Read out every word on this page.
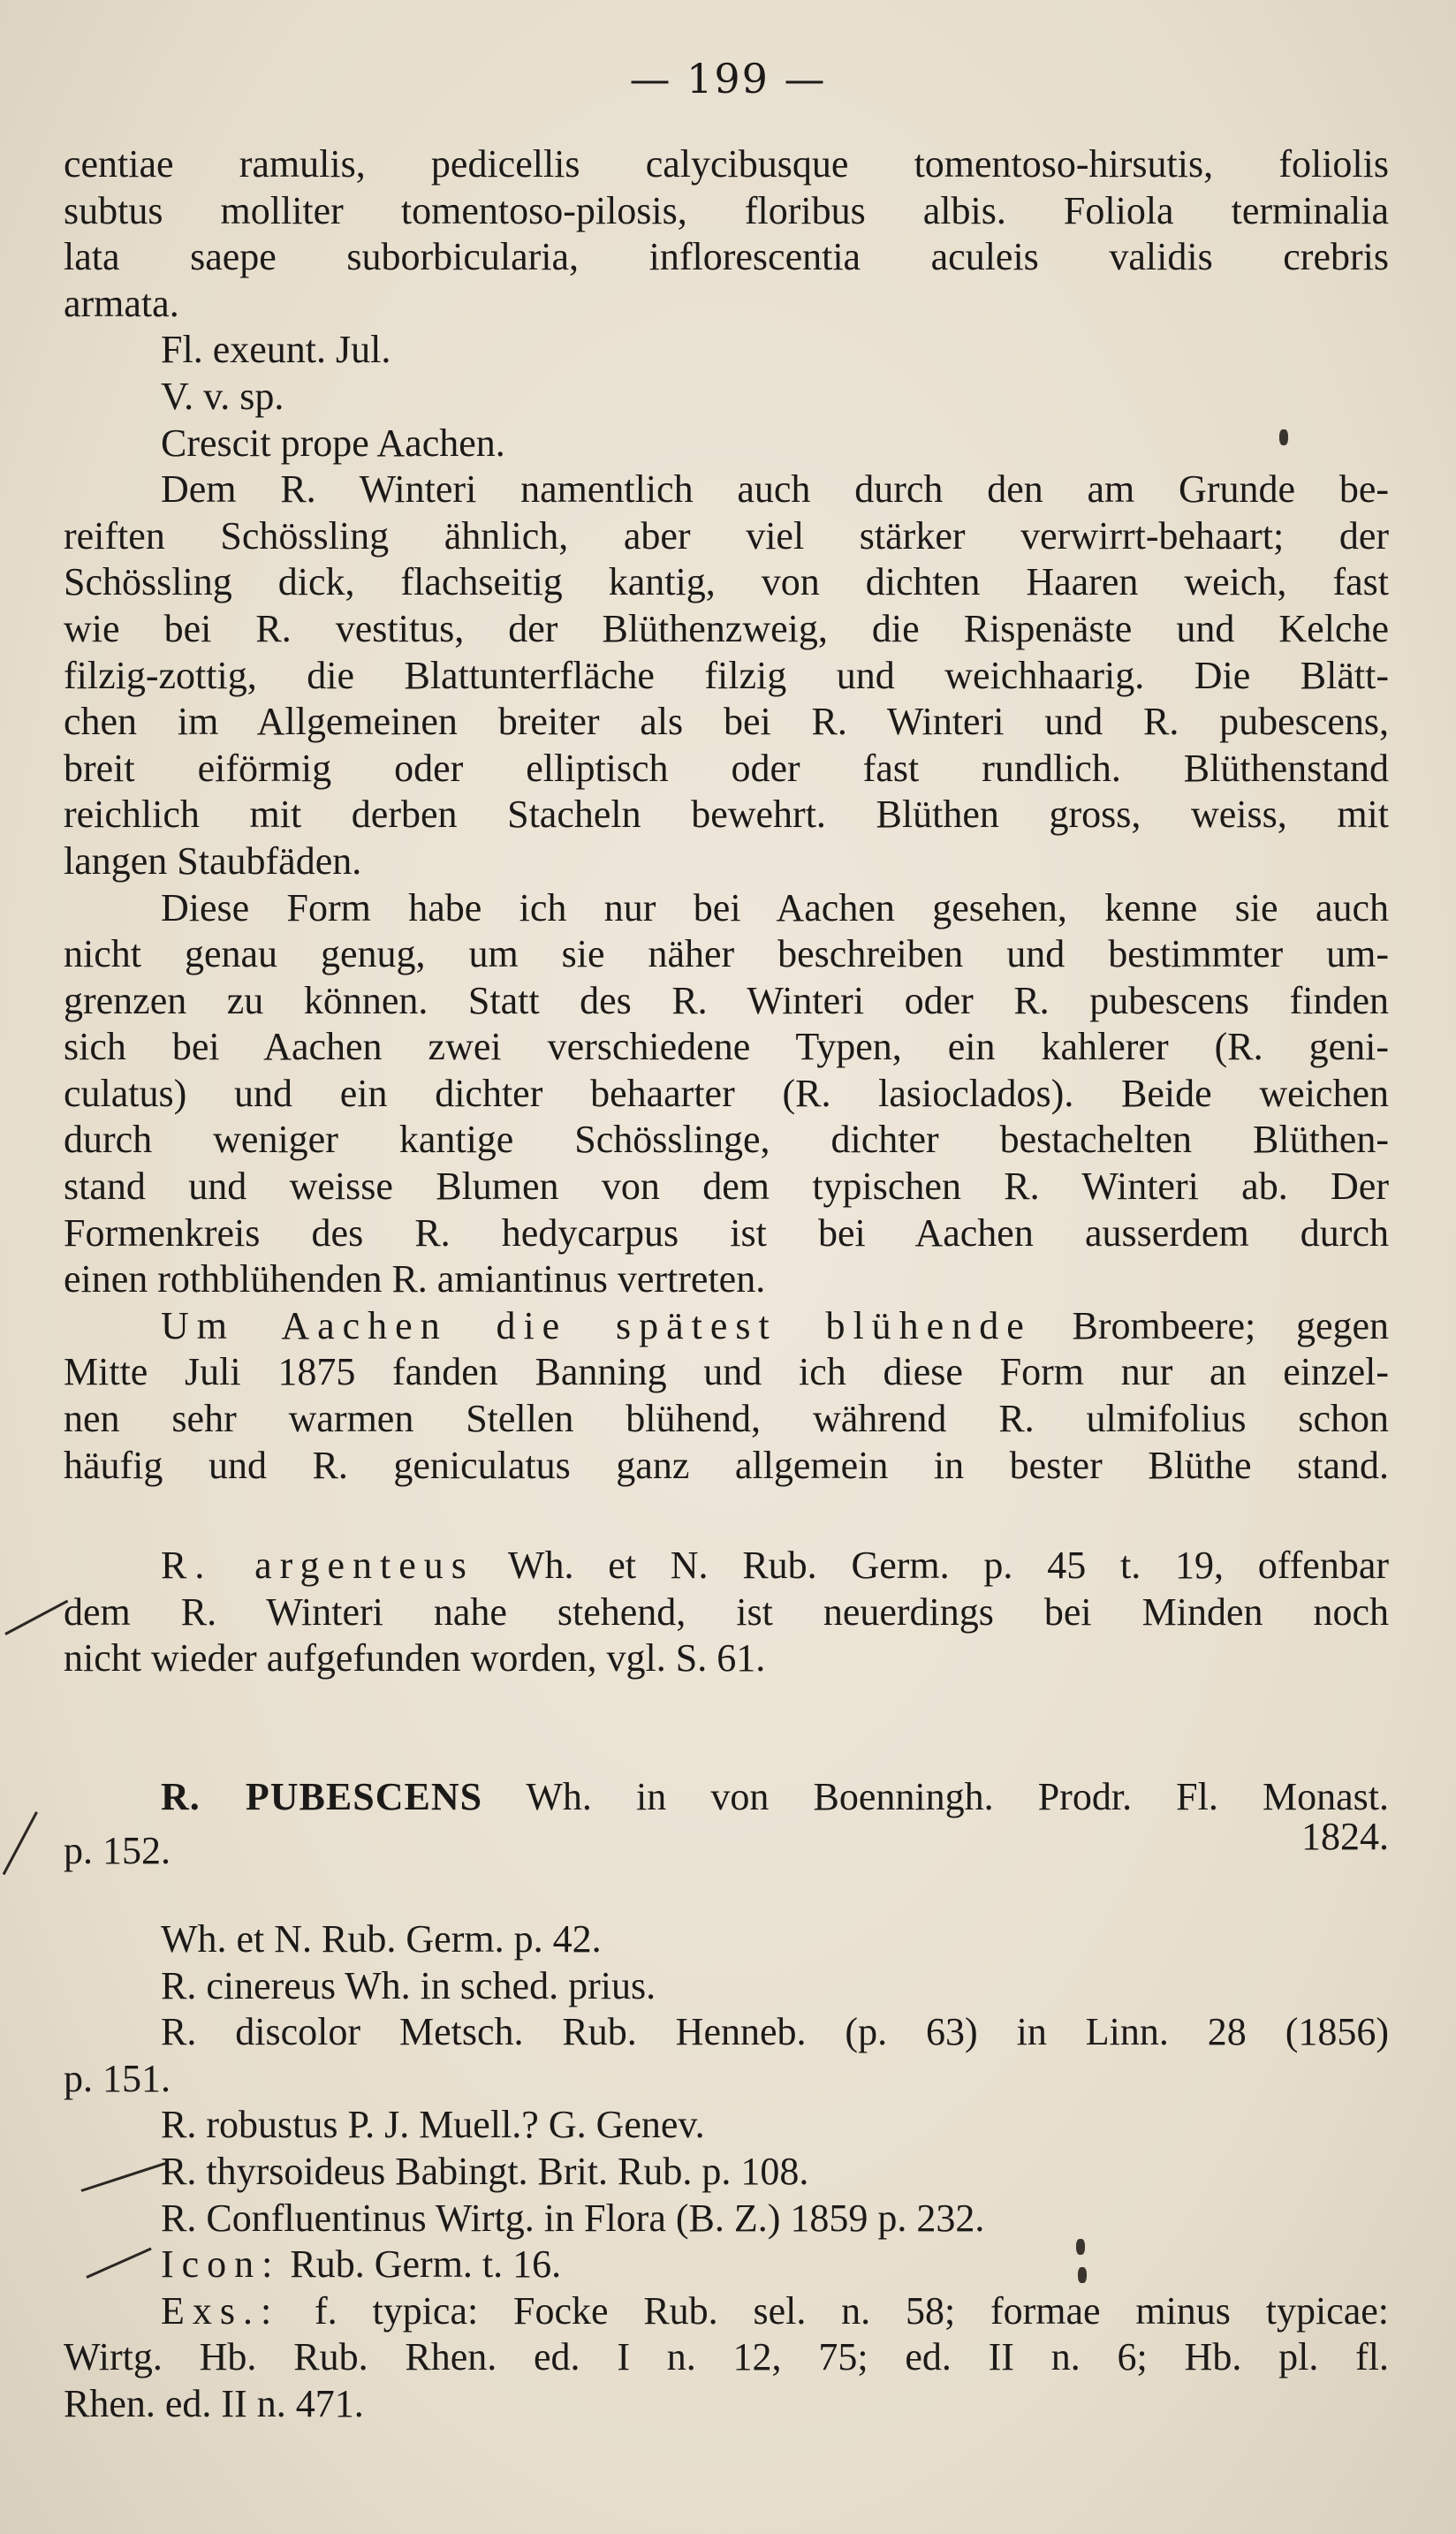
— 199 —
centiae ramulis, pedicellis calycibusque tomentoso-hirsutis, foliolis
subtus molliter tomentoso-pilosis, floribus albis. Foliola terminalia
lata saepe suborbicularia, inflorescentia aculeis validis crebris
armata.
Fl. exeunt. Jul.
V. v. sp.
Crescit prope Aachen.
Dem R. Winteri namentlich auch durch den am Grunde be-
reiften Schössling ähnlich, aber viel stärker verwirrt-behaart; der
Schössling dick, flachseitig kantig, von dichten Haaren weich, fast
wie bei R. vestitus, der Blüthenzweig, die Rispenäste und Kelche
filzig-zottig, die Blattunterfläche filzig und weichhaarig. Die Blätt-
chen im Allgemeinen breiter als bei R. Winteri und R. pubescens,
breit eiförmig oder elliptisch oder fast rundlich. Blüthenstand
reichlich mit derben Stacheln bewehrt. Blüthen gross, weiss, mit
langen Staubfäden.
Diese Form habe ich nur bei Aachen gesehen, kenne sie auch
nicht genau genug, um sie näher beschreiben und bestimmter um-
grenzen zu können. Statt des R. Winteri oder R. pubescens finden
sich bei Aachen zwei verschiedene Typen, ein kahlerer (R. geni-
culatus) und ein dichter behaarter (R. lasioclados). Beide weichen
durch weniger kantige Schösslinge, dichter bestachelten Blüthen-
stand und weisse Blumen von dem typischen R. Winteri ab. Der
Formenkreis des R. hedycarpus ist bei Aachen ausserdem durch
einen rothblühenden R. amiantinus vertreten.
Um Aachen die spätest blühende Brombeere; gegen
Mitte Juli 1875 fanden Banning und ich diese Form nur an einzel-
nen sehr warmen Stellen blühend, während R. ulmifolius schon
häufig und R. geniculatus ganz allgemein in bester Blüthe stand.
R. argenteus Wh. et N. Rub. Germ. p. 45 t. 19, offenbar
dem R. Winteri nahe stehend, ist neuerdings bei Minden noch
nicht wieder aufgefunden worden, vgl. S. 61.
R. PUBESCENS Wh. in von Boenningh. Prodr. Fl. Monast.
p. 152.	1824.
Wh. et N. Rub. Germ. p. 42.
R. cinereus Wh. in sched. prius.
R. discolor Metsch. Rub. Henneb. (p. 63) in Linn. 28 (1856)
p. 151.
R. robustus P. J. Muell.? G. Genev.
R. thyrsoideus Babingt. Brit. Rub. p. 108.
R. Confluentinus Wirtg. in Flora (B. Z.) 1859 p. 232.
Icon: Rub. Germ. t. 16.
Exs.: f. typica: Focke Rub. sel. n. 58; formae minus typicae:
Wirtg. Hb. Rub. Rhen. ed. I n. 12, 75; ed. II n. 6; Hb. pl. fl.
Rhen. ed. II n. 471.
